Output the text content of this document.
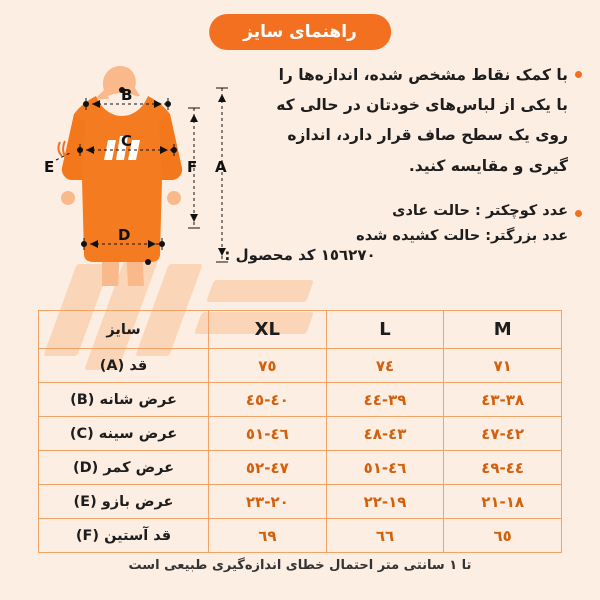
راهنمای سایز
B
C
D
E	F A

با کمک نقاط مشخص شده، اندازه‌ها را با یکی از لباس‌های خودتان در حالی که روی یک سطح صاف قرار دارد، اندازه گیری و مقایسه کنید.

عدد کوچکتر : حالت عادی

عدد بزرگتر: حالت کشیده شده

١٥٦٢٧٠ کد محصول :
M	L	XL	سایز
٧١	٧٤	٧٥	قد (A)
٣٨-٤٣	٣٩-٤٤	٤٠-٤٥	عرض شانه (B)
٤٢-٤٧	٤٣-٤٨	٤٦-٥١	عرض سینه (C)
٤٤-٤٩	٤٦-٥١	٤٧-٥٢	عرض کمر (D)
١٨-٢١	١٩-٢٢	٢٠-٢٣	عرض بازو (E)
٦٥	٦٦	٦٩	قد آستین (F)
تا ١ سانتی متر احتمال خطای اندازه‌گیری طبیعی است
